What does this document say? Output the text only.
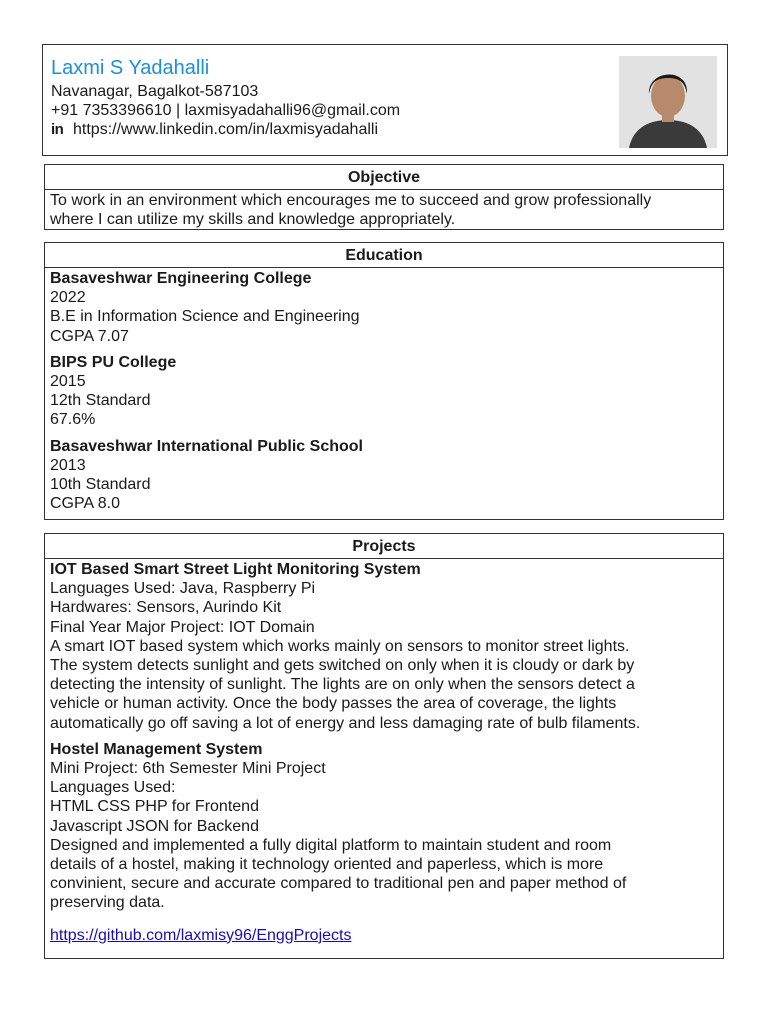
Laxmi S Yadahalli
Navanagar, Bagalkot-587103
+91 7353396610 | laxmisyadahalli96@gmail.com
in https://www.linkedin.com/in/laxmisyadahalli
Objective
To work in an environment which encourages me to succeed and grow professionally
where I can utilize my skills and knowledge appropriately.
Education
Basaveshwar Engineering College
2022
B.E in Information Science and Engineering
CGPA 7.07
BIPS PU College
2015
12th Standard
67.6%
Basaveshwar International Public School
2013
10th Standard
CGPA 8.0
Projects
IOT Based Smart Street Light Monitoring System
Languages Used: Java, Raspberry Pi
Hardwares: Sensors, Aurindo Kit
Final Year Major Project: IOT Domain
A smart IOT based system which works mainly on sensors to monitor street lights.
The system detects sunlight and gets switched on only when it is cloudy or dark by
detecting the intensity of sunlight. The lights are on only when the sensors detect a
vehicle or human activity. Once the body passes the area of coverage, the lights
automatically go off saving a lot of energy and less damaging rate of bulb filaments.
Hostel Management System
Mini Project: 6th Semester Mini Project
Languages Used:
HTML CSS PHP for Frontend
Javascript JSON for Backend
Designed and implemented a fully digital platform to maintain student and room
details of a hostel, making it technology oriented and paperless, which is more
convinient, secure and accurate compared to traditional pen and paper method of
preserving data.
https://github.com/laxmisy96/EnggProjects
